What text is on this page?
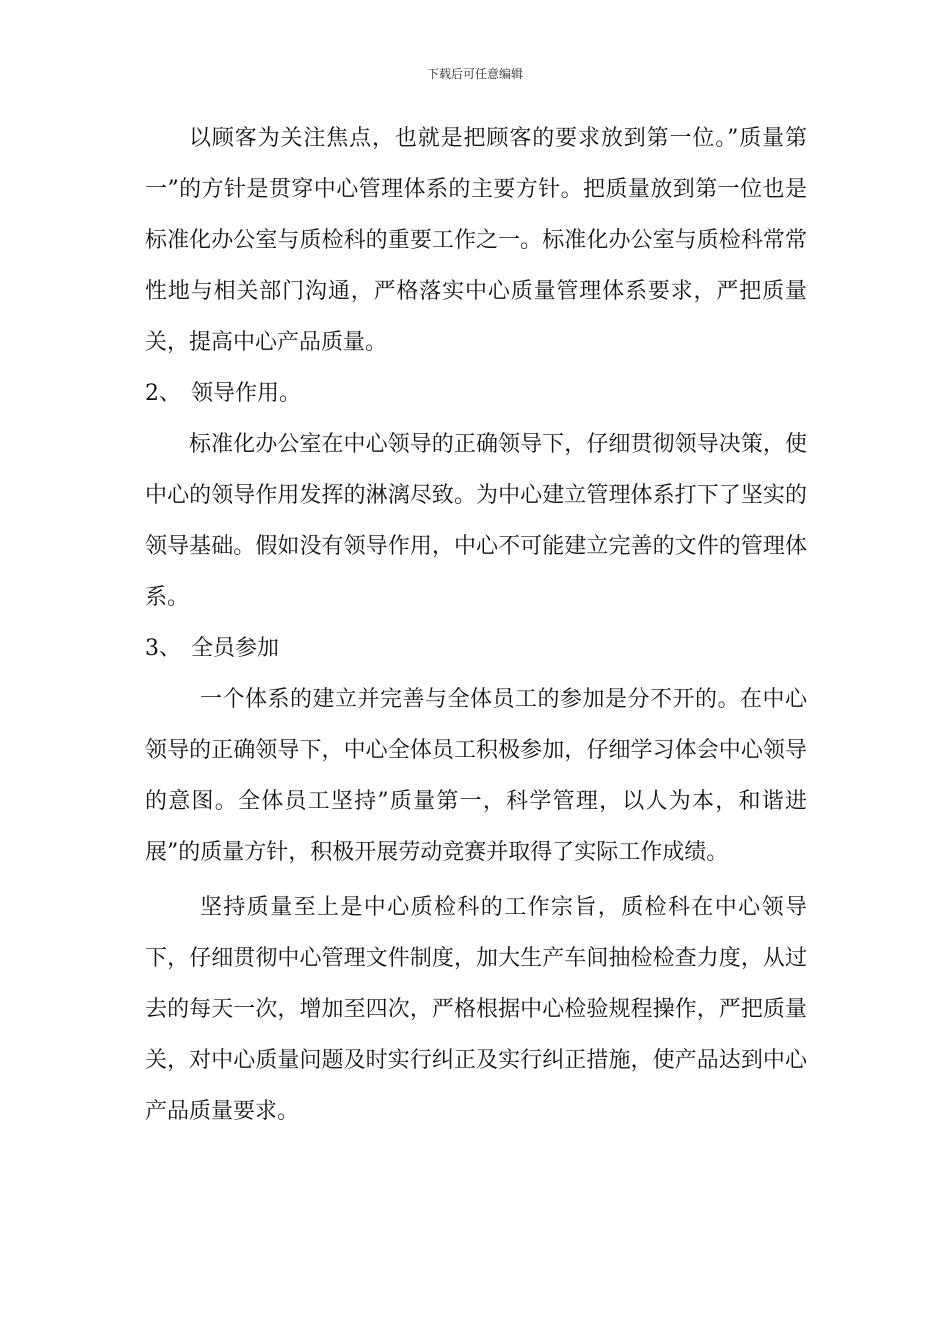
下载后可任意编辑

以顾客为关注焦点，也就是把顾客的要求放到第一位。”质量第一”的方针是贯穿中心管理体系的主要方针。把质量放到第一位也是标准化办公室与质检科的重要工作之一。标准化办公室与质检科常常性地与相关部门沟通，严格落实中心质量管理体系要求，严把质量关，提高中心产品质量。

2、 领导作用。

标准化办公室在中心领导的正确领导下，仔细贯彻领导决策，使中心的领导作用发挥的淋漓尽致。为中心建立管理体系打下了坚实的领导基础。假如没有领导作用，中心不可能建立完善的文件的管理体系。

3、 全员参加

一个体系的建立并完善与全体员工的参加是分不开的。在中心领导的正确领导下，中心全体员工积极参加，仔细学习体会中心领导的意图。全体员工坚持”质量第一，科学管理，以人为本，和谐进展”的质量方针，积极开展劳动竞赛并取得了实际工作成绩。

坚持质量至上是中心质检科的工作宗旨，质检科在中心领导下，仔细贯彻中心管理文件制度，加大生产车间抽检检查力度，从过去的每天一次，增加至四次，严格根据中心检验规程操作，严把质量关，对中心质量问题及时实行纠正及实行纠正措施，使产品达到中心产品质量要求。
